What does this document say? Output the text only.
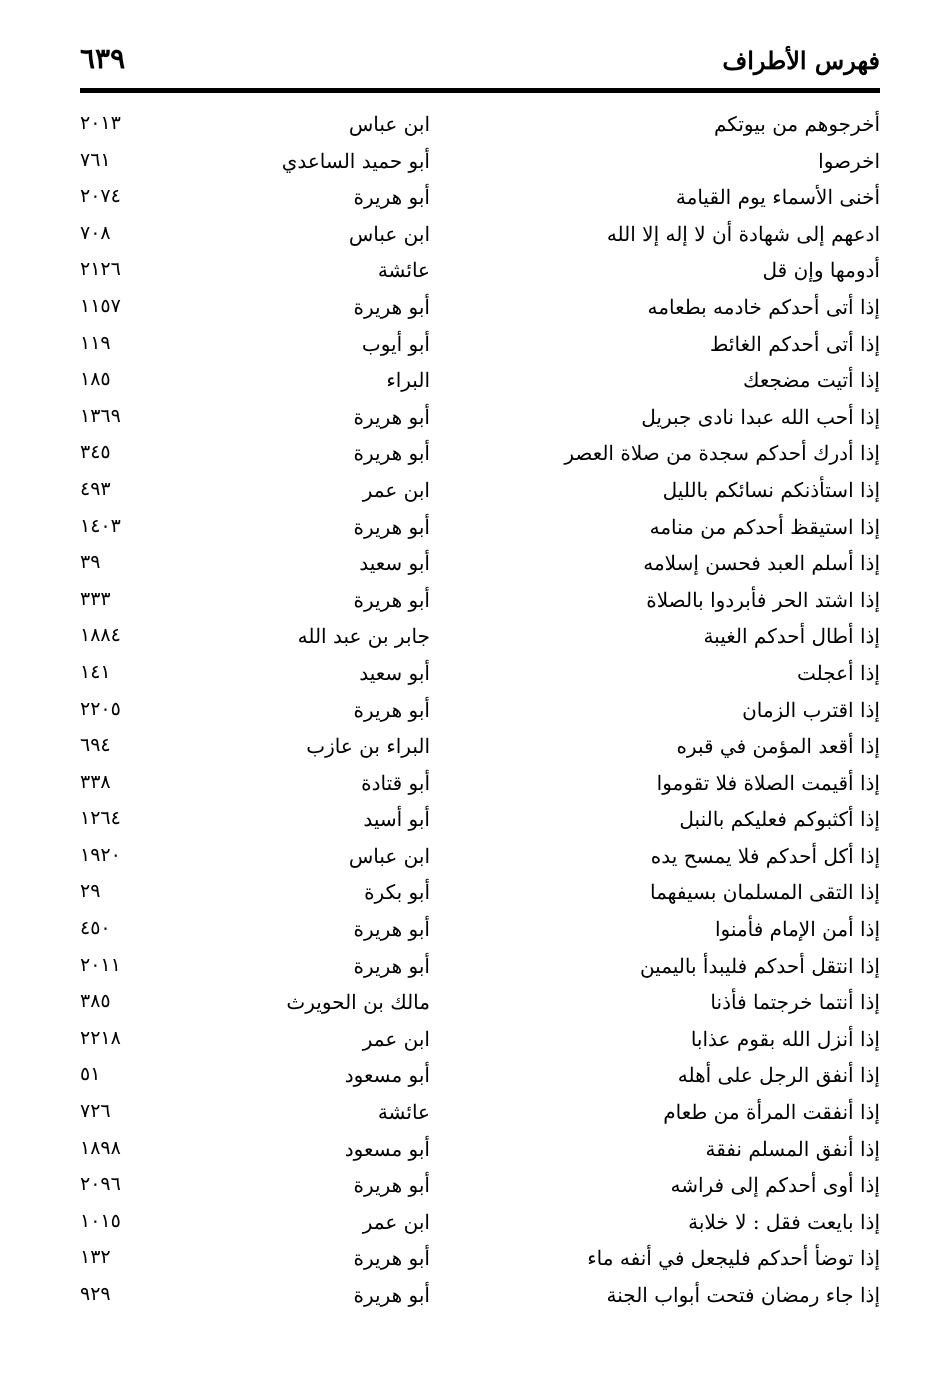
فهرس الأطراف
٦٣٩
أخرجوهم من بيوتكم
ابن عباس
٢٠١٣
اخرصوا
أبو حميد الساعدي
٧٦١
أخنى الأسماء يوم القيامة
أبو هريرة
٢٠٧٤
ادعهم إلى شهادة أن لا إله إلا الله
ابن عباس
٧٠٨
أدومها وإن قل
عائشة
٢١٢٦
إذا أتى أحدكم خادمه بطعامه
أبو هريرة
١١٥٧
إذا أتى أحدكم الغائط
أبو أيوب
١١٩
إذا أتيت مضجعك
البراء
١٨٥
إذا أحب الله عبدا نادى جبريل
أبو هريرة
١٣٦٩
إذا أدرك أحدكم سجدة من صلاة العصر
أبو هريرة
٣٤٥
إذا استأذنكم نسائكم بالليل
ابن عمر
٤٩٣
إذا استيقظ أحدكم من منامه
أبو هريرة
١٤٠٣
إذا أسلم العبد فحسن إسلامه
أبو سعيد
٣٩
إذا اشتد الحر فأبردوا بالصلاة
أبو هريرة
٣٣٣
إذا أطال أحدكم الغيبة
جابر بن عبد الله
١٨٨٤
إذا أعجلت
أبو سعيد
١٤١
إذا اقترب الزمان
أبو هريرة
٢٢٠٥
إذا أقعد المؤمن في قبره
البراء بن عازب
٦٩٤
إذا أقيمت الصلاة فلا تقوموا
أبو قتادة
٣٣٨
إذا أكثبوكم فعليكم بالنبل
أبو أسيد
١٢٦٤
إذا أكل أحدكم فلا يمسح يده
ابن عباس
١٩٢٠
إذا التقى المسلمان بسيفهما
أبو بكرة
٢٩
إذا أمن الإمام فأمنوا
أبو هريرة
٤٥٠
إذا انتقل أحدكم فليبدأ باليمين
أبو هريرة
٢٠١١
إذا أنتما خرجتما فأذنا
مالك بن الحويرث
٣٨٥
إذا أنزل الله بقوم عذابا
ابن عمر
٢٢١٨
إذا أنفق الرجل على أهله
أبو مسعود
٥١
إذا أنفقت المرأة من طعام
عائشة
٧٢٦
إذا أنفق المسلم نفقة
أبو مسعود
١٨٩٨
إذا أوى أحدكم إلى فراشه
أبو هريرة
٢٠٩٦
إذا بايعت فقل : لا خلابة
ابن عمر
١٠١٥
إذا توضأ أحدكم فليجعل في أنفه ماء
أبو هريرة
١٣٢
إذا جاء رمضان فتحت أبواب الجنة
أبو هريرة
٩٢٩
